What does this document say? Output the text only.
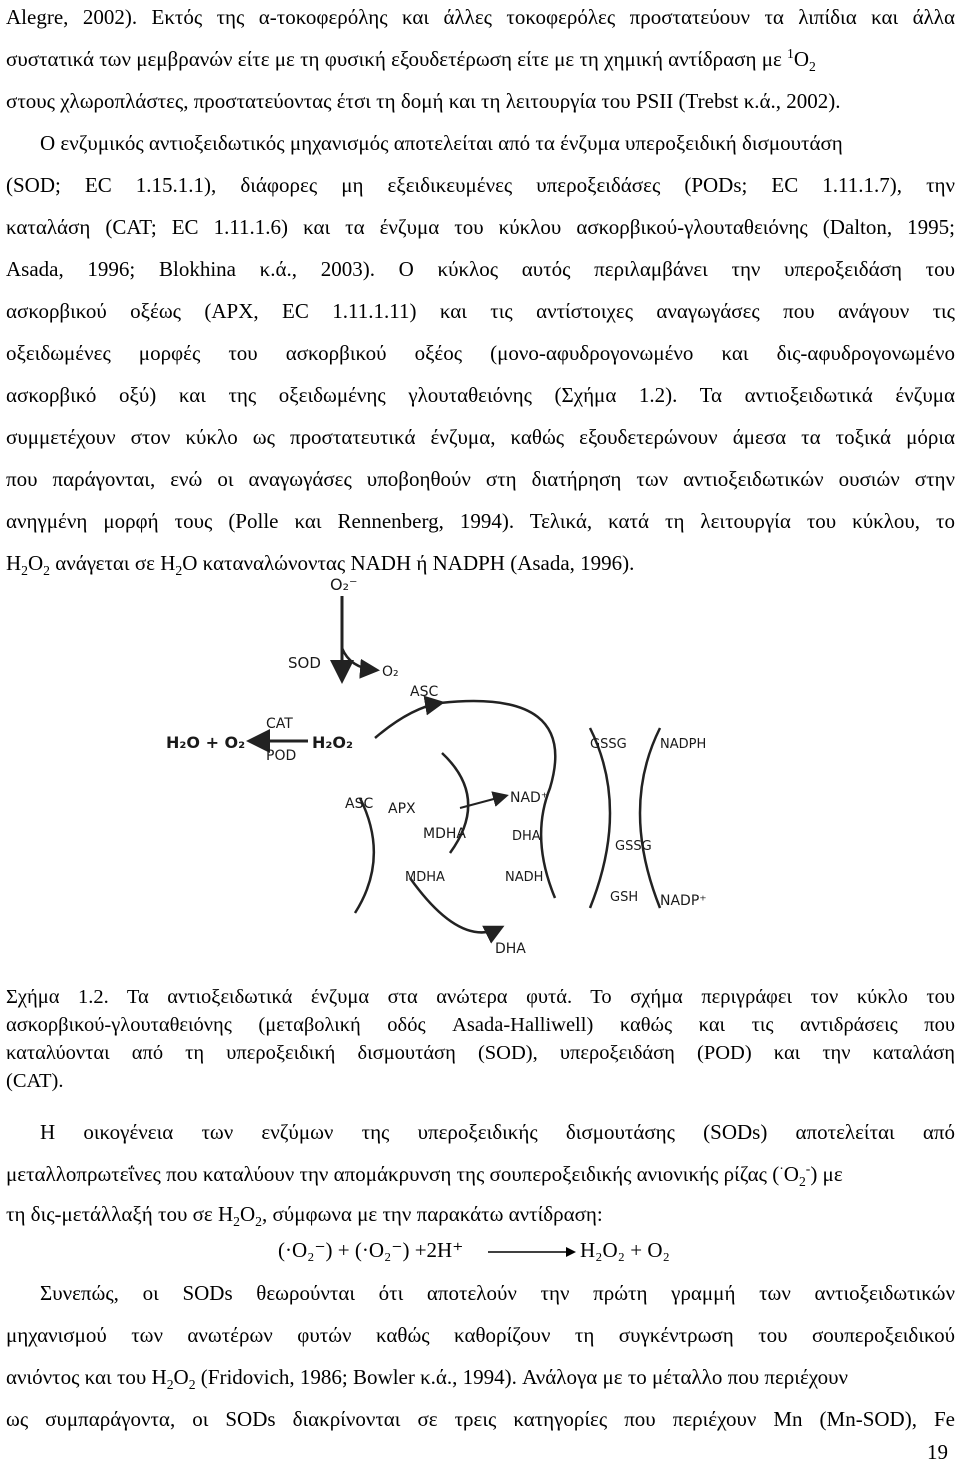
Alegre, 2002). Εκτός της α-τοκοφερόλης και άλλες τοκοφερόλες προστατεύουν τα λιπίδια και άλλα
συστατικά των μεμβρανών είτε με τη φυσική εξουδετέρωση είτε με τη χημική αντίδραση με $^1O_2$
στους χλωροπλάστες, προστατεύοντας έτσι τη δομή και τη λειτουργία του PSII (Trebst κ.ά., 2002).
Ο ενζυμικός αντιοξειδωτικός μηχανισμός αποτελείται από τα ένζυμα υπεροξειδική δισμουτάση
(SOD; EC 1.15.1.1), διάφορες μη εξειδικευμένες υπεροξειδάσες (PODs; EC 1.11.1.7), την
καταλάση (CAT; EC 1.11.1.6) και τα ένζυμα του κύκλου ασκορβικού-γλουταθειόνης (Dalton, 1995;
Asada, 1996; Blokhina κ.ά., 2003). Ο κύκλος αυτός περιλαμβάνει την υπεροξειδάση του
ασκορβικού οξέως (APX, EC 1.11.1.11) και τις αντίστοιχες αναγωγάσες που ανάγουν τις
οξειδωμένες μορφές του ασκορβικού οξέος (μονο-αφυδρογονωμένο και δις-αφυδρογονωμένο
ασκορβικό οξύ) και της οξειδωμένης γλουταθειόνης (Σχήμα 1.2). Τα αντιοξειδωτικά ένζυμα
συμμετέχουν στον κύκλο ως προστατευτικά ένζυμα, καθώς εξουδετερώνουν άμεσα τα τοξικά μόρια
που παράγονται, ενώ οι αναγωγάσες υποβοηθούν στη διατήρηση των αντιοξειδωτικών ουσιών στην
ανηγμένη μορφή τους (Polle και Rennenberg, 1994). Τελικά, κατά τη λειτουργία του κύκλου, το
$H_2O_2$ ανάγεται σε $H_2O$ καταναλώνοντας NADH ή NADPH (Asada, 1996).
O₂⁻
SOD	O₂
CAT
POD
H₂O + O₂	H₂O₂
ASC
ASC APX
NAD⁺
MDHA	DHA
MDHA	NADH
DHA
GSSG
GSSG
GSH
NADPH
NADP⁺
Σχήμα 1.2. Τα αντιοξειδωτικά ένζυμα στα ανώτερα φυτά. Το σχήμα περιγράφει τον κύκλο του
ασκορβικού-γλουταθειόνης (μεταβολική οδός Asada-Halliwell) καθώς και τις αντιδράσεις που
καταλύονται από τη υπεροξειδική δισμουτάση (SOD), υπεροξειδάση (POD) και την καταλάση
(CAT).
Η οικογένεια των ενζύμων της υπεροξειδικής δισμουτάσης (SODs) αποτελείται από
μεταλλοπρωτεΐνες που καταλύουν την απομάκρυνση της σουπεροξειδικής ανιονικής ρίζας $(^\cdot O_2^-)$ με
τη δις-μετάλλαξή του σε $H_2O_2$, σύμφωνα με την παρακάτω αντίδραση:
(·O₂⁻) + (·O₂⁻) +2H⁺	H₂O₂ + O₂
Συνεπώς, οι SODs θεωρούνται ότι αποτελούν την πρώτη γραμμή των αντιοξειδωτικών
μηχανισμού των ανωτέρων φυτών καθώς καθορίζουν τη συγκέντρωση του σουπεροξειδικού
ανιόντος και του $H_2O_2$ (Fridovich, 1986; Bowler κ.ά., 1994). Ανάλογα με το μέταλλο που περιέχουν
ως συμπαράγοντα, οι SODs διακρίνονται σε τρεις κατηγορίες που περιέχουν Mn (Mn-SOD), Fe
19
